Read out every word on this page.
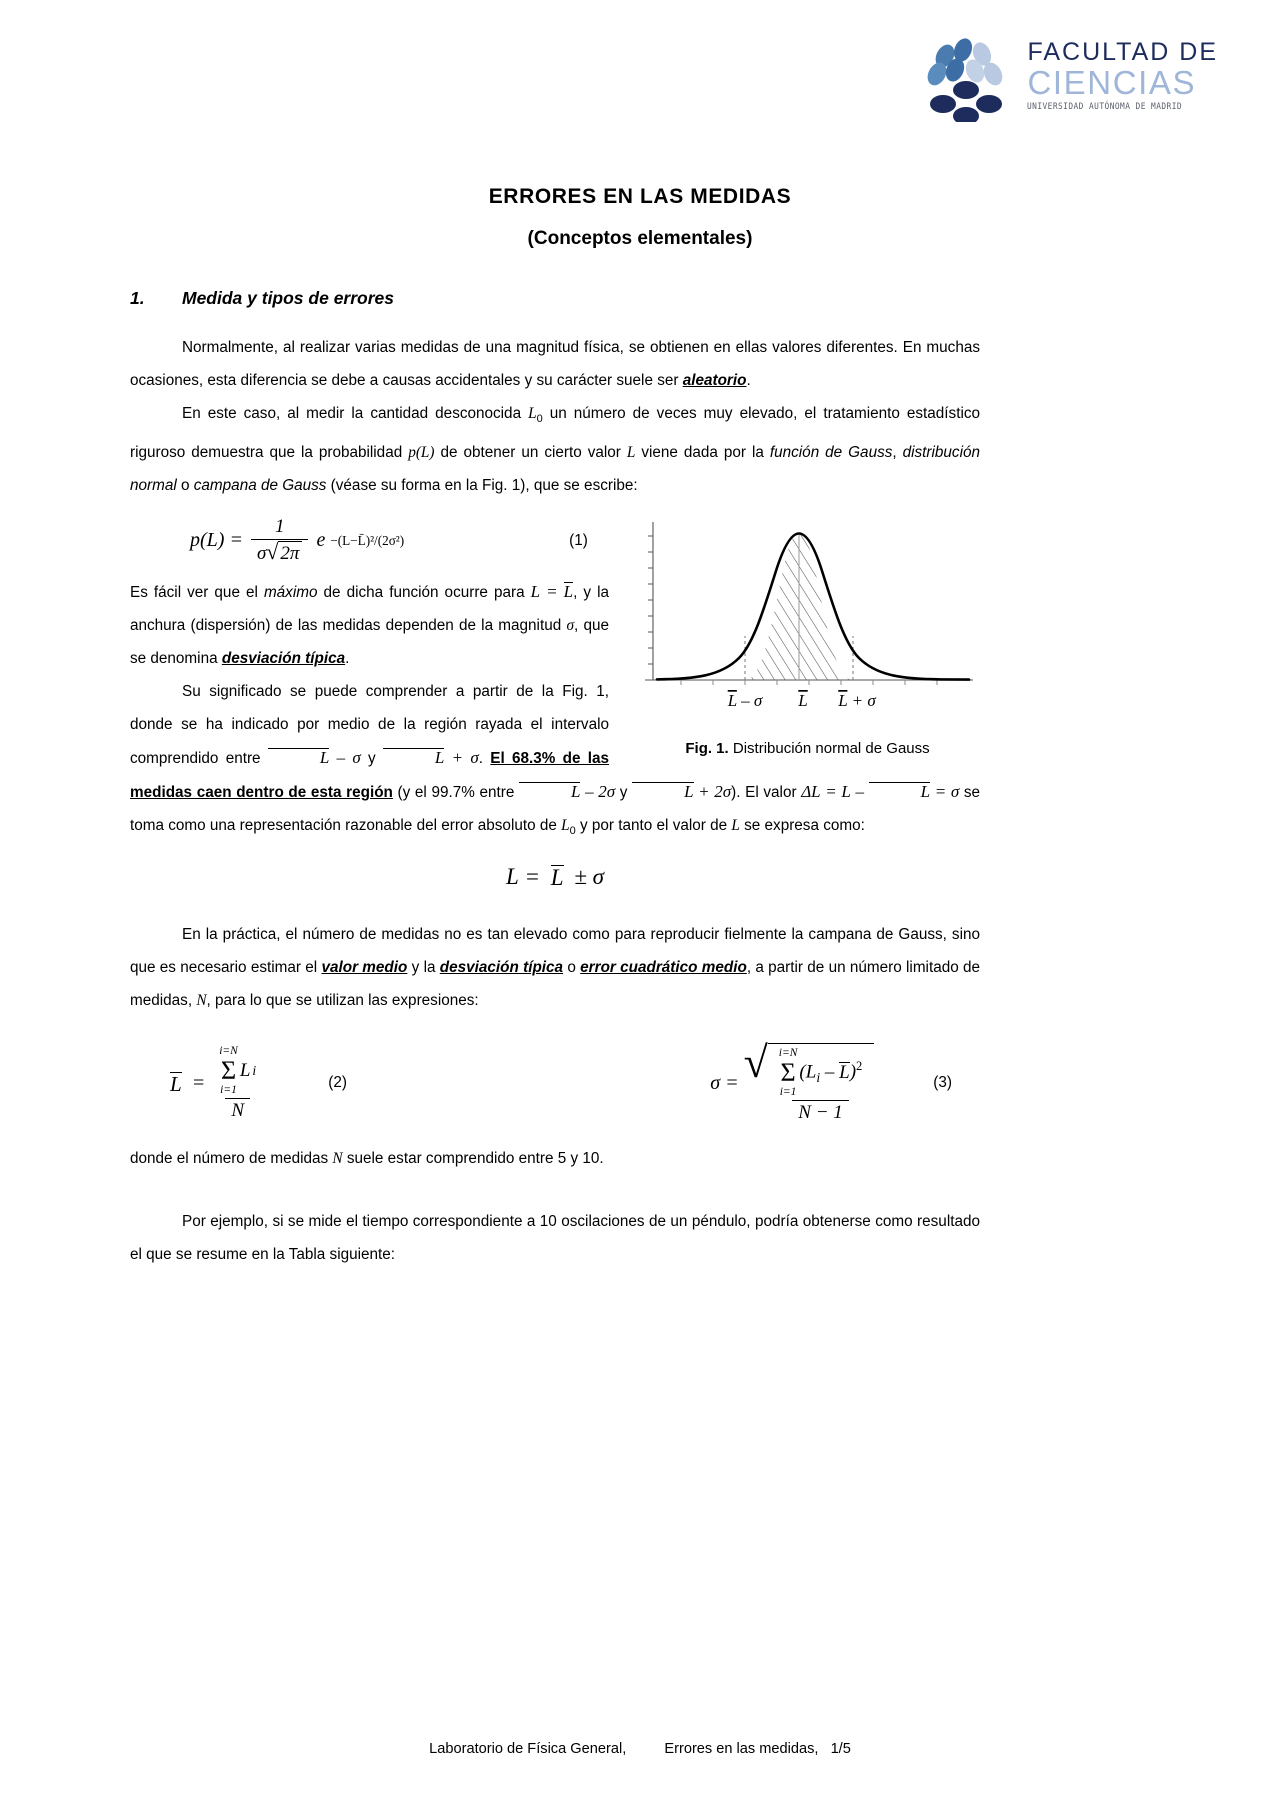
FACULTAD DE
CIENCIAS
UNIVERSIDAD AUTÓNOMA DE MADRID
ERRORES EN LAS MEDIDAS
(Conceptos elementales)
1.	Medida y tipos de errores

Normalmente, al realizar varias medidas de una magnitud física, se obtienen en ellas valores diferentes. En muchas ocasiones, esta diferencia se debe a causas accidentales y su carácter suele ser aleatorio.

En este caso, al medir la cantidad desconocida $L_0$ un número de veces muy elevado, el tratamiento estadístico riguroso demuestra que la probabilidad p(L) de obtener un cierto valor L viene dada por la función de Gauss, distribución normal o campana de Gauss (véase su forma en la Fig. 1), que se escribe:

L – σ L L + σ
Fig. 1. Distribución normal de Gauss
$p(L) = \frac{1}{\sigma √ 2\pi}$ e −(L−L̄)²/(2σ²)	(1)

Es fácil ver que el máximo de dicha función ocurre para L = L, y la anchura (dispersión) de las medidas dependen de la magnitud σ, que se denomina desviación típica.

Su significado se puede comprender a partir de la Fig. 1, donde se ha indicado por medio de la región rayada el intervalo comprendido entre	L – σ y	L + σ. El 68.3% de las medidas caen dentro de esta región (y el 99.7% entre	L – 2σ y	L + 2σ). El valor ΔL = L –	L = σ se toma como una representación razonable del error absoluto de $L_0$ y por tanto el valor de L se expresa como:

L = L ± σ

En la práctica, el número de medidas no es tan elevado como para reproducir fielmente la campana de Gauss, sino que es necesario estimar el valor medio y la desviación típica o error cuadrático medio, a partir de un número limitado de medidas, N, para lo que se utilizan las expresiones:

L =
i=N
Σ
i=1
L i
N
(2)	σ = √ i=N
Σ
i=1
$(L_i - L)^2$
N − 1
(3)

donde el número de medidas N suele estar comprendido entre 5 y 10.

Por ejemplo, si se mide el tiempo correspondiente a 10 oscilaciones de un péndulo, podría obtenerse como resultado el que se resume en la Tabla siguiente:

Laboratorio de Física General,	Errores en las medidas, 1/5
